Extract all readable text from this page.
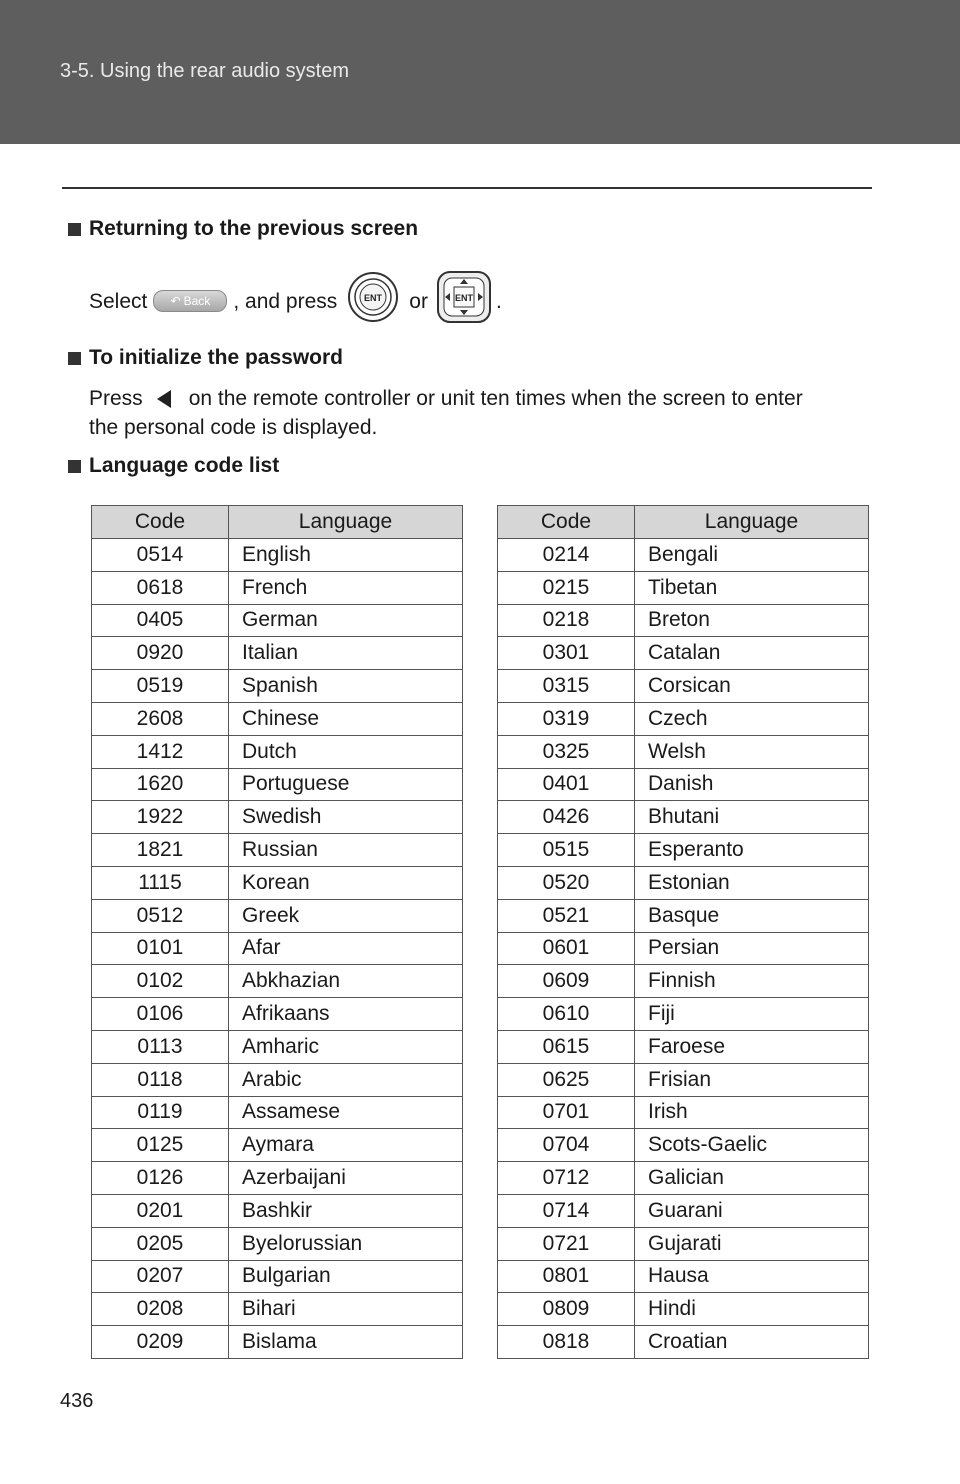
3-5. Using the rear audio system
Returning to the previous screen
Select ↶ Back , and press	ENT or	ENT .
To initialize the password
Press on the remote controller or unit ten times when the screen to enter
the personal code is displayed.
Language code list
Code	Language
0514	English
0618	French
0405	German
0920	Italian
0519	Spanish
2608	Chinese
1412	Dutch
1620	Portuguese
1922	Swedish
1821	Russian
1115	Korean
0512	Greek
0101	Afar
0102	Abkhazian
0106	Afrikaans
0113	Amharic
0118	Arabic
0119	Assamese
0125	Aymara
0126	Azerbaijani
0201	Bashkir
0205	Byelorussian
0207	Bulgarian
0208	Bihari
0209	Bislama
Code	Language
0214	Bengali
0215	Tibetan
0218	Breton
0301	Catalan
0315	Corsican
0319	Czech
0325	Welsh
0401	Danish
0426	Bhutani
0515	Esperanto
0520	Estonian
0521	Basque
0601	Persian
0609	Finnish
0610	Fiji
0615	Faroese
0625	Frisian
0701	Irish
0704	Scots-Gaelic
0712	Galician
0714	Guarani
0721	Gujarati
0801	Hausa
0809	Hindi
0818	Croatian
436
